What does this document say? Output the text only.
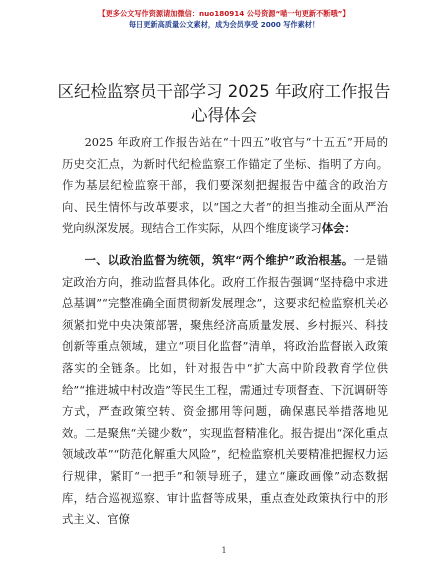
【更多公文写作资源请加微信：nuo180914 公号资源“喵一句更新不断哦”】
每日更新高质量公文素材，成为会员享受 2000 写作素材！
区纪检监察员干部学习 2025 年政府工作报告
心得体会

2025 年政府工作报告站在“十四五”收官与“十五五”开局的历史交汇点，为新时代纪检监察工作锚定了坐标、指明了方向。作为基层纪检监察干部，我们要深刻把握报告中蕴含的政治方向、民生情怀与改革要求，以“国之大者”的担当推动全面从严治党向纵深发展。现结合工作实际，从四个维度谈学习体会：

一、以政治监督为统领，筑牢“两个维护”政治根基。一是锚定政治方向，推动监督具体化。政府工作报告强调“坚持稳中求进总基调”“完整准确全面贯彻新发展理念”，这要求纪检监察机关必须紧扣党中央决策部署，聚焦经济高质量发展、乡村振兴、科技创新等重点领域，建立“项目化监督”清单，将政治监督嵌入政策落实的全链条。比如，针对报告中“扩大高中阶段教育学位供给”“推进城中村改造”等民生工程，需通过专项督查、下沉调研等方式，严查政策空转、资金挪用等问题，确保惠民举措落地见效。二是聚焦“关键少数”，实现监督精准化。报告提出“深化重点领域改革”“防范化解重大风险”，纪检监察机关要精准把握权力运行规律，紧盯“一把手”和领导班子，建立“廉政画像”动态数据库，结合巡视巡察、审计监督等成果，重点查处政策执行中的形式主义、官僚

1
